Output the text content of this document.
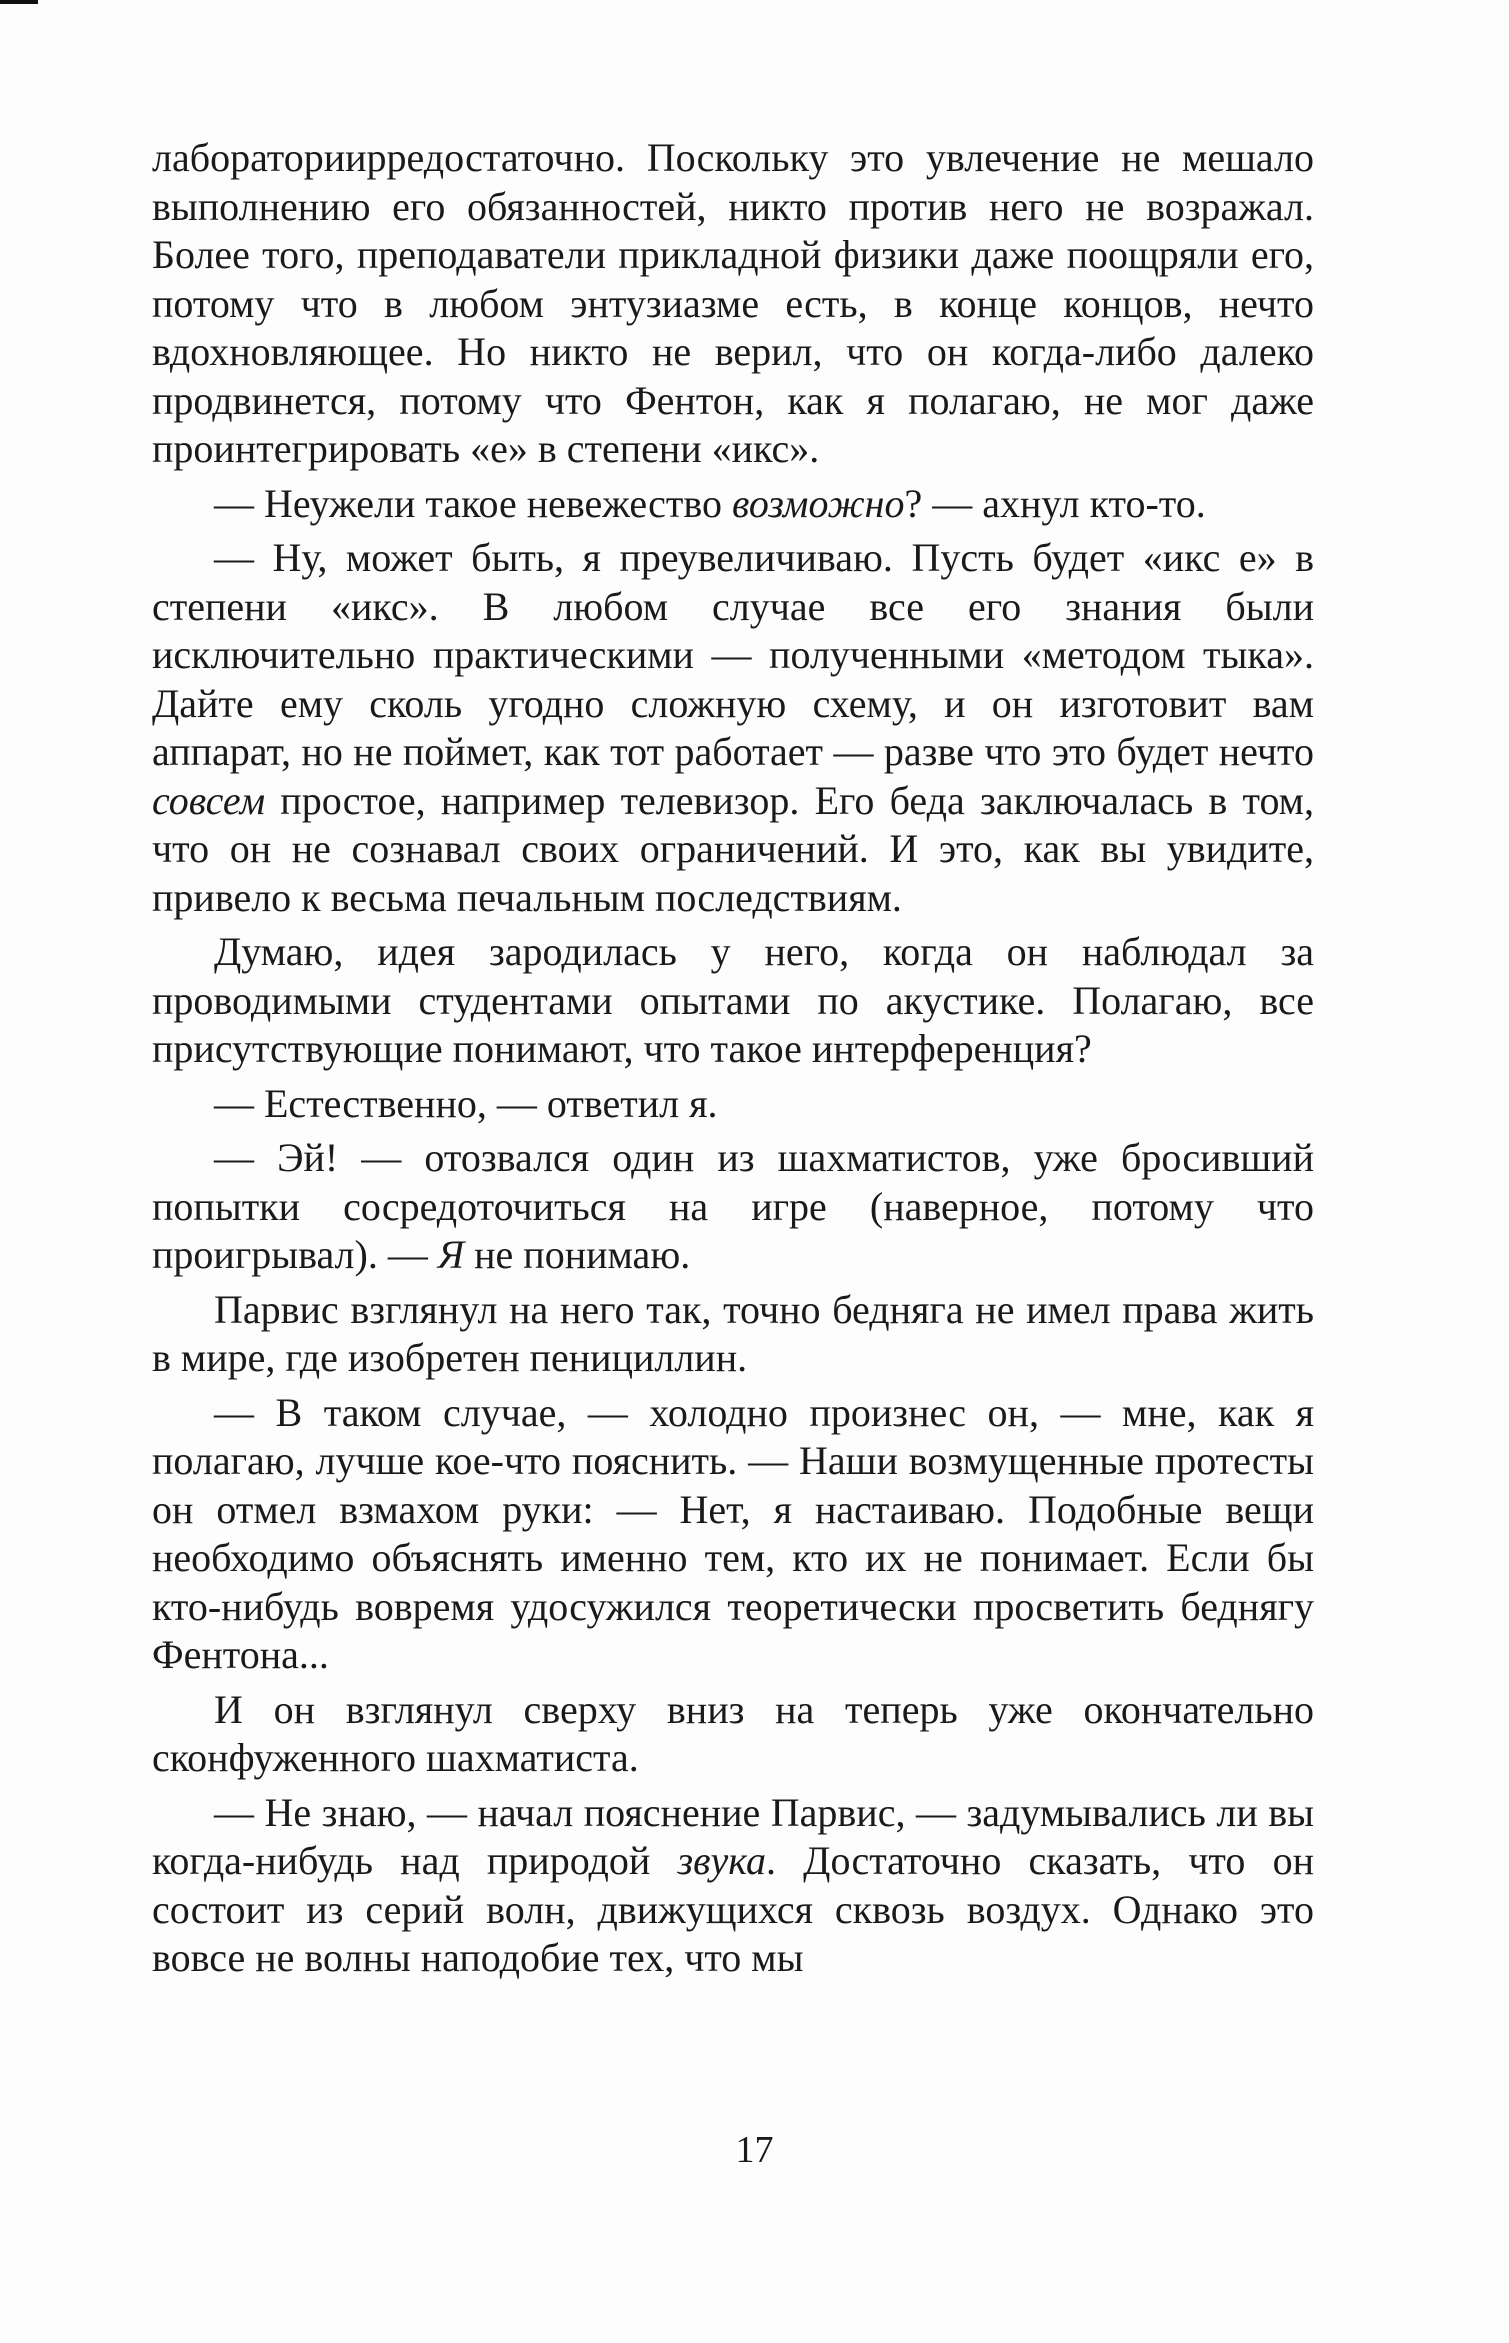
лабораторииpредостаточно. Поскольку это увлечение не мешало выполнению его обязанностей, никто против него не возражал. Более того, преподаватели прикладной физики даже поощряли его, потому что в любом энтузиазме есть, в конце концов, нечто вдохновляющее. Но никто не верил, что он когда-либо далеко продвинется, потому что Фентон, как я полагаю, не мог даже проинтегрировать «е» в степени «икс».

— Неужели такое невежество возможно? — ахнул кто-то.

— Ну, может быть, я преувеличиваю. Пусть будет «икс е» в степени «икс». В любом случае все его знания были исключительно практическими — полученными «методом тыка». Дайте ему сколь угодно сложную схему, и он изготовит вам аппарат, но не поймет, как тот работает — разве что это будет нечто совсем простое, например телевизор. Его беда заключалась в том, что он не сознавал своих ограничений. И это, как вы увидите, привело к весьма печальным последствиям.

Думаю, идея зародилась у него, когда он наблюдал за проводимыми студентами опытами по акустике. Полагаю, все присутствующие понимают, что такое интерференция?

— Естественно, — ответил я.

— Эй! — отозвался один из шахматистов, уже бросивший попытки сосредоточиться на игре (наверное, потому что проигрывал). — Я не понимаю.

Парвис взглянул на него так, точно бедняга не имел права жить в мире, где изобретен пенициллин.

— В таком случае, — холодно произнес он, — мне, как я полагаю, лучше кое-что пояснить. — Наши возмущенные протесты он отмел взмахом руки: — Нет, я настаиваю. Подобные вещи необходимо объяснять именно тем, кто их не понимает. Если бы кто-нибудь вовремя удосужился теоретически просветить беднягу Фентона...

И он взглянул сверху вниз на теперь уже окончательно сконфуженного шахматиста.

— Не знаю, — начал пояснение Парвис, — задумывались ли вы когда-нибудь над природой звука. Достаточно сказать, что он состоит из серий волн, движущихся сквозь воздух. Однако это вовсе не волны наподобие тех, что мы

17
